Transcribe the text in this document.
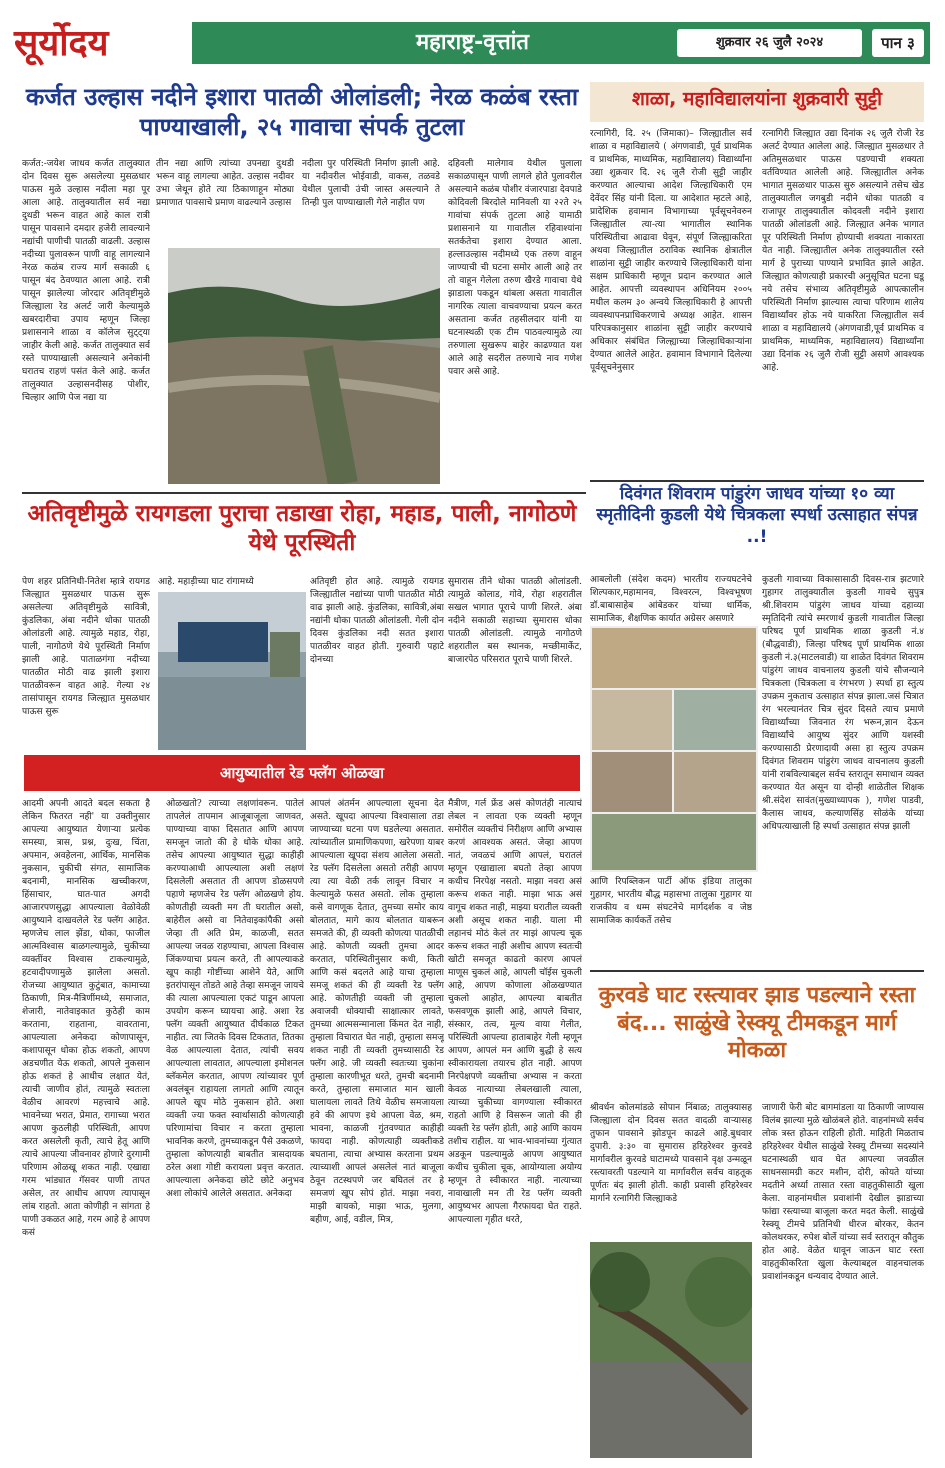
सूर्योदय	महाराष्ट्र-वृत्तांत	शुक्रवार २६ जुलै २०२४	पान ३
कर्जत उल्हास नदीने इशारा पातळी ओलांडली; नेरळ कळंब रस्ता पाण्याखाली, २५ गावाचा संपर्क तुटला
कर्जत:-जयेश जाधव कर्जत तालुक्यात दोन दिवस सुरू असलेल्या मुसळधार पाऊस मुळे उल्हास नदीला महा पूर आला आहे. तालुक्यातील सर्व नद्या दुथडी भरून वाहत आहे काल रात्री पासून पावसाने दमदार हजेरी लावल्याने नद्यांची पाणीची पातळी वाढली. उल्हास नदीच्या पुलावरून पाणी वाहू लागल्याने नेरळ कळंब राज्य मार्ग सकाळी ६ पासून बंद ठेवण्यात आला आहे. रात्री पासून झालेल्या जोरदार अतिवृष्टीमुळे जिल्ह्याला रेड अलर्ट जारी केल्यामुळे खबरदारीचा उपाय म्हणून जिल्हा प्रशासनाने शाळा व कॉलेज सुट्ट्या जाहीर केली आहे. कर्जत तालुक्यात सर्व रस्ते पाण्याखाली असल्याने अनेकांनी घरातच राहणं पसंत केले आहे. कर्जत तालुक्यात उल्हासनदीसह पोशीर, चिल्हार आणि पेज नद्या या
तीन नद्या आणि त्यांच्या उपनद्या दुथडी भरून वाहू लागल्या आहेत. उल्हास नदीवर उभा जेथून होते त्या ठिकाणाहून मोठ्या प्रमाणात पावसाचे प्रमाण वाढल्याने उल्हास
नदीला पुर परिस्थिती निर्माण झाली आहे. या नदीवरील भोईवाडी, वाकस, तळवडे येथील पुलाची उंची जास्त असल्याने ते तिन्ही पुल पाण्याखाली गेले नाहीत पण
दहिवली मालेगाव येथील पुलाला सकाळपासून पाणी लागले होते पुलावरील असल्याने कळंब पोशीर वंजारपाडा देवपाडे कोदिवली बिरदोले मानिवली या २२ते २५ गावांचा संपर्क तुटला आहे यामाठी प्रशासनाने या गावातील रहिवाश्यांना सतर्कतेचा इशारा देण्यात आला. हल्लाउल्हास नदीमध्ये एक तरुण वाहून जाण्याची ची घटना समोर आली आहे तर तो वाहून गेलेला तरुण खैरडे गावाचा येथे झाडाला पकडून थांबला असता गावातील नागरिक त्याला वाचवण्याचा प्रयत्न करत असताना कर्जत तहसीलदार यांनी या घटनास्थळी एक टीम पाठवल्यामुळे त्या तरुणाला सुखरूप बाहेर काढण्यात यश आले आहे सदरील तरुणाचे नाव गणेश पवार असे आहे.
शाळा, महाविद्यालयांना शुक्रवारी सुट्टी
रत्नागिरी, दि. २५ (जिमाका)– जिल्ह्यातील सर्व शाळा व महाविद्यालये ( अंगणवाडी, पूर्व प्राथमिक व प्राथमिक, माध्यमिक, महाविद्यालय) विद्यार्थ्यांना उद्या शुक्रवार दि. २६ जुलै रोजी सुट्टी जाहीर करण्यात आल्याचा आदेश जिल्हाधिकारी एम देवेंदर सिंह यांनी दिला. या आदेशात म्हटले आहे, प्रादेशिक हवामान विभागाच्या पूर्वसूचनेवरुन जिल्ह्यातील त्या-त्या भागातील स्थानिक परिस्थितीचा आढावा घेवून, संपूर्ण जिल्ह्याकरिता अथवा जिल्ह्यातील ठराविक स्थानिक क्षेत्रातील शाळांना सुट्टी जाहीर करण्याचे जिल्हाधिकारी यांना सक्षम प्राधिकारी म्हणून प्रदान करण्यात आले आहेत. आपत्ती व्यवस्थापन अधिनियम २००५ मधील कलम ३० अन्वये जिल्हाधिकारी हे आपत्ती व्यवस्थापनप्राधिकरणाचे अध्यक्ष आहेत. शासन परिपत्रकानुसार शाळांना सुट्टी जाहीर करण्याचे अधिकार संबंधित जिल्ह्याच्या जिल्हाधिकाऱ्यांना देण्यात आलेले आहेत. हवामान विभागाने दिलेल्या पूर्वसूचनेनुसार
रत्नागिरी जिल्ह्यात उद्या दिनांक २६ जुलै रोजी रेड अलर्ट देण्यात आलेला आहे. जिल्ह्यात मुसळधार ते अतिमुसळधार पाऊस पडण्याची शक्यता वर्तविण्यात आलेली आहे. जिल्ह्यातील अनेक भागात मुसळधार पाऊस सुरु असल्याने तसेच खेड तालुक्यातील जगबुडी नदीने धोका पातळी व राजापूर तालुक्यातील कोदवली नदीने इशारा पातळी ओलांडली आहे. जिल्ह्यात अनेक भागात पूर परिस्थिती निर्माण होण्याची शक्यता नाकारता येत नाही. जिल्ह्यातील अनेक तालुक्यातील रस्ते मार्ग हे पुराच्या पाण्याने प्रभावित झाले आहेत. जिल्ह्यात कोणत्याही प्रकारची अनुसूचित घटना घडू नये तसेच संभाव्य अतिवृष्टीमुळे आपत्कालीन परिस्थिती निर्माण झाल्यास त्याचा परिणाम शालेय विद्यार्थ्यांवर होऊ नये याकरिता जिल्ह्यातील सर्व शाळा व महाविद्यालये (अंगणवाडी,पूर्व प्राथमिक व प्राथमिक, माध्यमिक, महाविद्यालय) विद्यार्थ्यांना उद्या दिनांक २६ जुलै रोजी सुट्टी असणे आवश्यक आहे.
अतिवृष्टीमुळे रायगडला पुराचा तडाखा रोहा, महाड, पाली, नागोठणे येथे पूरस्थिती
पेण शहर प्रतिनिधी-नितेश म्हात्रे रायगड जिल्ह्यात मुसळधार पाऊस सुरू असलेल्या अतिवृष्टीमुळे सावित्री, कुंडलिका, अंबा नदीने धोका पातळी ओलांडली आहे. त्यामुळे महाड, रोहा, पाली, नागोठणे येथे पूरस्थिती निर्माण झाली आहे. पाताळगंगा नदीच्या पातळीत मोठी वाढ झाली इशारा पातळीवरून वाहत आहे. गेल्या २४ तासांपासून रायगड जिल्ह्यात मुसळधार पाऊस सुरू
आहे. महाड़ीच्या घाट रांगामध्ये	अतिवृष्टी होत आहे. त्यामुळे रायगड जिल्ह्यातील नद्यांच्या पाणी पातळीत मोठी वाढ झाली आहे. कुंडलिका, सावित्री,अंबा नद्यांनी धोका पातळी ओलांडली. गेली दोन दिवस कुंडलिका नदी सतत इशारा पातळीवर वाहत होती. गुरुवारी पहाटे दोनच्या
सुमारास तीने धोका पातळी ओलांडली. त्यामुळे कोलाड, गोवे, रोहा शहरातील सखल भागात पूराचे पाणी शिरले. अंबा नदीने सकाळी सहाच्या सुमारास धोका पातळी ओलांडली. त्यामुळे नागोठणे शहरातील बस स्थानक, मच्छीमार्केट, बाजारपेठ परिसरात पूराचे पाणी शिरले.
आयुष्यातील रेड फ्लॅग ओळखा
आदमी अपनी आदते बदल सकता है लेकिन फितरत नही' या उक्तीनुसार आपल्या आयुष्यात येणाऱ्या प्रत्येक समस्या, त्रास, प्रश्न, दुःख, चिंता, अपमान, अवहेलना, आर्थिक, मानसिक नुकसान, चुकीची संगत, सामाजिक बदनामी, मानसिक खच्चीकरण, हिंसाचार, घात-पात अगदी आजारपणसुद्धा आपल्याला वेळोवेळी आयुष्याने दाखवलेले रेड फ्लॅग आहेत. म्हणजेच लाल झेंडा, धोका, फाजील आत्मविश्वास बाळगल्यामुळे, चुकीच्या व्यक्तींवर विश्वास टाकल्यामुळे, हटवादीपणामुळे झालेला असतो. रोजच्या आयुष्यात कुटुंबात, कामाच्या ठिकाणी, मित्र-मैत्रिणींमध्ये, समाजात, शेजारी, नातेवाइकात कुठेही काम करताना, राहताना, वावरताना, आपल्याला अनेकदा कोणापासून, कशापासून धोका होऊ शकतो, आपण अडचणीत येऊ शकतो, आपले नुकसान होऊ शकतं हे आधीच लक्षात येतं, त्याची जाणीव होतं, त्यामुळे स्वतःला वेळीच आवरणं महत्त्वाचे आहे. भावनेच्या भरात, प्रेमात, रागाच्या भरात आपण कुठलीही परिस्थिती, आपण करत असलेली कृती, त्याचे हेतू आणि त्याचे आपल्या जीवनावर होणारे दुरगामी परिणाम ओळखू शकत नाही. एखाद्या गरम भांड्यात गॅसवर पाणी तापत असेल, तर आधीच आपण त्यापासून लांब राहतो. आता कोणीही न सांगता हे पाणी उकळत आहे, गरम आहे हे आपण कसं
ओळखतो? त्याच्या लक्षणांवरून. पातेलं तापलेलं तापमान आजूबाजूला जाणवत, पाण्याच्या वाफा दिसतात आणि आपण समजून जातो की हे धोके धोका आहे. तसेच आपल्या आयुष्यात सुद्धा काहीही करण्याआधी आपल्याला अशी लक्षणं दिसलेली असतात ती आपण डोळसपणे पहाणे म्हणजेच रेड फ्लॅग ओळखणे होय. कोणतीही व्यक्ती मग ती घरातील असो, बाहेरील असो वा नितेवाइकांपैकी असो जेव्हा ती अति प्रेम, काळजी, सतत आपल्या जवळ राहण्याचा, आपला विश्वास जिंकण्याचा प्रयत्न करते, ती आपल्याकडे खूप काही गोष्टींच्या आशेने येते, आणि इतरांपासून तोडते आहे तेव्हा समजून जायचे की त्याला आपल्याला एकटं पाडून आपला उपयोग करून घ्यायचा आहे. अशा रेड फ्लॅग व्यक्ती आयुष्यात दीर्घकाळ टिकत नाहीत. त्या जितके दिवस टिकतात, तितका वेळ आपल्याला देतात, त्यांची सवय आपल्याला लावतात, आपल्याला इमोशनल ब्लॅकमेल करतात, आपण त्यांच्यावर पूर्ण अवलंबून राहायला लागतो आणि त्यातून आपले खूप मोठे नुकसान होते. अशा व्यक्ती ज्या फक्त स्वार्थासाठी कोणत्याही परिणामांचा विचार न करता तुम्हाला भावनिक करणे, तुमच्याकडून पैसे उकळणे, तुम्हाला कोणत्याही बाबतीत त्रासदायक ठरेल अशा गोष्टी करायला प्रवृत्त करतात. आपल्याला अनेकदा छोटे छोटे अनुभव अशा लोकांचे आलेले असतात. अनेकदा
आपलं अंतर्मन आपल्याला सूचना देत असते. खूपदा आपल्या विश्वासाला तडा जाण्याच्या घटना पण घडलेल्या असतात. त्यांच्यातील प्रामाणिकपणा, खरेपणा याबर आपल्याला खूपदा संशय आलेला असतो. रेड फ्लॅग दिसलेला असतो तरीही आपण त्या त्या वेळी तर्क लावून विचार न केल्यामुळे फसत असतो. लोक तुम्हाला कसे वागणूक देतात, तुमच्या समोर काय बोलतात, मागे काय बोलतात याबरून समजते की, ही व्यक्ती कोणत्या पातळीची आहे. कोणती व्यक्ती तुमचा आदर करतात, परिस्थितीनुसार कधी, किती आणि कसं बदलते आहे याचा तुम्हाला समजू शकतं की ही व्यक्ती रेड फ्लॅग आहे. कोणतीही व्यक्ती जी तुम्हाला अवाजवी धोक्याची साक्षात्कार लावते, तुमच्या आत्मसन्मानाला किंमत देत नाही, तुम्हाला विचारात घेत नाही, तुम्हाला समजू शकत नाही ती व्यक्ती तुमच्यासाठी रेड फ्लॅग आहे. जी व्यक्ती स्वतःच्या चुकांना तुम्हाला कारणीभूत धरते, तुमची बदनामी करते, तुम्हाला समाजात मान खाली घालायला लावते तिथे वेळीच समजायला हवे की आपण इथे आपला वेळ, श्रम, भावना, काळजी गुंतवण्यात काहीही फायदा नाही. कोणत्याही व्यक्तीकडे बघताना, त्याचा अभ्यास करताना प्रथम त्याच्याशी आपलं असलेलं नातं बाजूला ठेवून तटस्थपणे जर बघितलं तर हे समजणं खूप सोपं होतं. माझा नवरा, माझी बायको, माझा भाऊ, मुलगा, बहीण, आई, वडील, मित्र,
मैत्रीण, गर्ल फ्रेंड असं कोणतंही नात्याचं लेबल न लावता एक व्यक्ती म्हणून समोरील व्यक्तीचं निरीक्षण आणि अभ्यास करणं आवश्यक असतं. जेव्हा आपण नातं, जवळचं आणि आपलं, घरातलं म्हणून एखाद्याला बघतो तेव्हा आपण कधीच निरपेक्ष नसतो. माझा नवरा असं करूच शकत नाही. माझा भाऊ असं वागूच शकत नाही, माझ्या घरातील व्यक्ती अशी असूच शकत नाही. याला मी लहानचं मोठं केलं तर माझं आपल्य चूक करूच शकत नाही अशीच आपण स्वतःची खोटी समजूत काढतो कारण आपलं माणूस चुकलं आहे, आपली चॉईस चुकली आहे, आपण कोणाला ओळखण्यात चुकलो आहोत, आपल्या बाबतीत फसवणूक झाली आहे, आपले विचार, संस्कार, तत्व, मूल्य वाया गेलीत, परिस्थिती आपल्या हाताबाहेर गेली म्हणून आपण, आपलं मन आणि बुद्धी हे सत्य स्वीकारायला तयारच होत नाही. आपण निरपेक्षपणे व्यक्तीचा अभ्यास न करता केवळ नात्याच्या लेबलखाली त्याला, त्याच्या चुकीच्या वागण्याला स्वीकारत राहतो आणि हे विसरून जातो की ही व्यक्ती रेड फ्लॅग होती, आहे आणि कायम तशीच राहील. या भाव-भावनांच्या गुंत्यात अडकून पडल्यामुळे आपण आयुष्यात कधीच चुकीला चूक, आयोग्याला अयोग्य म्हणून ते स्वीकारत नाही. नात्याच्या नावाखाली मन ती रेड फ्लॅग व्यक्ती आयुष्यभर आपला गैरफायदा घेत राहते. आपल्याला गृहीत धरते,
दिवंगत शिवराम पांडुरंग जाधव यांच्या १० व्या स्मृतीदिनी कुडली येथे चित्रकला स्पर्धा उत्साहात संपन्न ..!
आबलोली (संदेश कदम) भारतीय राज्यघटनेचे शिल्पकार,महामानव, विश्वरत्न, विश्वभूषण डॉ.बाबासाहेब आंबेडकर यांच्या धार्मिक, सामाजिक, शैक्षणिक कार्यात अग्रेसर असणारे
आणि रिपब्लिकन पार्टी ऑफ इंडिया तालुका गुहागर, भारतीय बौद्ध महासभा तालुका गुहागर या राजकीय व धम्म संघटनेचे मार्गदर्शक व जेष्ठ सामाजिक कार्यकर्ते तसेच
कुडली गावाच्या विकासासाठी दिवस-रात्र झटणारे गुहागर तालुक्यातील कुडली गावचे सुपुत्र श्री.शिवराम पांडुरंग जाधव यांच्या दहाव्या स्मृतिदिनी त्यांचे स्मरणार्थ कुडली गावातील जिल्हा परिषद पूर्ण प्राथमिक शाळा कुडली नं.४ (बौद्धवाडी), जिल्हा परिषद पूर्ण प्राथमिक शाळा कुडली नं.३(माटलवाडी) या शाळेत दिवंगत शिवराम पांडुरंग जाधव वाचनालय कुडली यांचे सौजन्याने चित्रकला (चित्रकला व रंगभरण ) स्पर्धा हा स्तुत्य उपक्रम नुकताच उत्साहात संपन्न झाला.जसं चित्रात रंग भरल्यानंतर चित्र सुंदर दिसते त्याच प्रमाणे विद्यार्थ्यांच्या जिवनात रंग भरून,ज्ञान देऊन विद्यार्थ्यांचे आयुष्य सुंदर आणि यशस्वी करण्यासाठी प्रेरणादायी असा हा स्तुत्य उपक्रम दिवंगत शिवराम पांडुरंग जाधव वाचनालय कुडली यांनी राबविल्याबद्दल सर्वच स्तरातून समाधान व्यक्त करण्यात येत असून या दोन्ही शाळेतील शिक्षक श्री.संदेश सावंत(मुख्याध्यापक ), गणेश पाडवी, कैलास जाधव, कल्याणसिंह सोळंके यांच्या अधिपत्याखाली हि स्पर्धा उत्साहात संपन्न झाली
कुरवडे घाट रस्त्यावर झाड पडल्याने रस्ता बंद... साळुंखे रेस्क्यू टीमकडून मार्ग मोकळा
श्रीवर्धन कोलमांडळे सोपान निंबाळ; तालुक्यासह जिल्ह्याला दोन दिवस सतत वादळी वाऱ्यासह तुफान पावसाने झोडपून काढले आहे.बुधवार दुपारी. ३:३० वा सुमारास हरिहरेश्वर कुरवडे मार्गावरील कुरवडे घाटामध्ये पावसाने वृक्ष उन्मळून रस्त्यावरती पडल्याने या मार्गावरील सर्वच वाहतूक पूर्णतः बंद झाली होती. काही प्रवासी हरिहरेश्वर मार्गाने रत्नागिरी जिल्ह्याकडे
जाणारी फेरी बोट बागमांडला या ठिकाणी जाण्यास विलंब झाल्या मुळे खोळंबले होते. वाहनांमध्ये सर्वच लोक त्रस्त होऊन राहिली होती. माहिती मिळताच हरिहरेश्वर येथील साळुंखे रेस्क्यू टीमच्या सदस्यांने घटनास्थळी धाव घेत आपल्या जवळील साधनसामग्री कटर मशीन, दोरी, कोयते यांच्या मदतीने अर्ध्या तासात रस्ता वाहतुकीसाठी खुला केला. वाहनांमधील प्रवाशांनी देखील झाडाच्या फांद्या रस्त्याच्या बाजूला करत मदत केली. साळुंखे रेस्क्यू टीमचे प्रतिनिधी धीरज बोरकर, केतन कोलथरकर, रुपेश बोर्ले यांच्या सर्व स्तरातून कौतुक होत आहे. वेळेत धावून जाऊन घाट रस्ता वाहतुकीकरिता खुला केल्याबद्दल वाहनचालक प्रवाशांनकडून धन्यवाद देण्यात आले.
